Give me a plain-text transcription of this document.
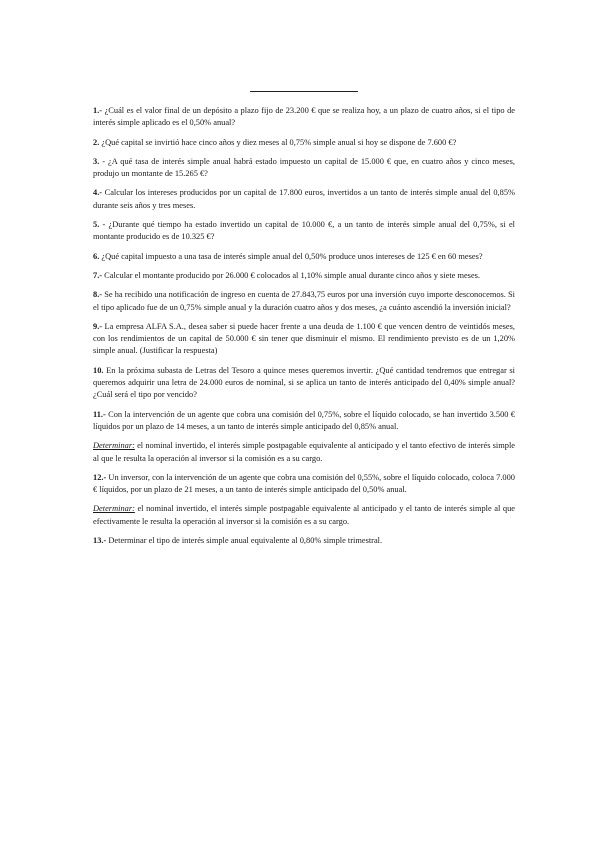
1.- ¿Cuál es el valor final de un depósito a plazo fijo de 23.200 € que se realiza hoy, a un plazo de cuatro años, si el tipo de interés simple aplicado es el 0,50% anual?

2. ¿Qué capital se invirtió hace cinco años y diez meses al 0,75% simple anual si hoy se dispone de 7.600 €?

3. - ¿A qué tasa de interés simple anual habrá estado impuesto un capital de 15.000 € que, en cuatro años y cinco meses, produjo un montante de 15.265 €?

4.- Calcular los intereses producidos por un capital de 17.800 euros, invertidos a un tanto de interés simple anual del 0,85% durante seis años y tres meses.

5. - ¿Durante qué tiempo ha estado invertido un capital de 10.000 €, a un tanto de interés simple anual del 0,75%, si el montante producido es de 10.325 €?

6. ¿Qué capital impuesto a una tasa de interés simple anual del 0,50% produce unos intereses de 125 € en 60 meses?

7.- Calcular el montante producido por 26.000 € colocados al 1,10% simple anual durante cinco años y siete meses.

8.- Se ha recibido una notificación de ingreso en cuenta de 27.843,75 euros por una inversión cuyo importe desconocemos. Si el tipo aplicado fue de un 0,75% simple anual y la duración cuatro años y dos meses, ¿a cuánto ascendió la inversión inicial?

9.- La empresa ALFA S.A., desea saber si puede hacer frente a una deuda de 1.100 € que vencen dentro de veintidós meses, con los rendimientos de un capital de 50.000 € sin tener que disminuir el mismo. El rendimiento previsto es de un 1,20% simple anual. (Justificar la respuesta)

10. En la próxima subasta de Letras del Tesoro a quince meses queremos invertir. ¿Qué cantidad tendremos que entregar si queremos adquirir una letra de 24.000 euros de nominal, si se aplica un tanto de interés anticipado del 0,40% simple anual? ¿Cuál será el tipo por vencido?

11.- Con la intervención de un agente que cobra una comisión del 0,75%, sobre el líquido colocado, se han invertido 3.500 € líquidos por un plazo de 14 meses, a un tanto de interés simple anticipado del 0,85% anual.

Determinar: el nominal invertido, el interés simple postpagable equivalente al anticipado y el tanto efectivo de interés simple al que le resulta la operación al inversor si la comisión es a su cargo.

12.- Un inversor, con la intervención de un agente que cobra una comisión del 0,55%, sobre el líquido colocado, coloca 7.000 € líquidos, por un plazo de 21 meses, a un tanto de interés simple anticipado del 0,50% anual.

Determinar: el nominal invertido, el interés simple postpagable equivalente al anticipado y el tanto de interés simple al que efectivamente le resulta la operación al inversor si la comisión es a su cargo.

13.- Determinar el tipo de interés simple anual equivalente al 0,80% simple trimestral.
